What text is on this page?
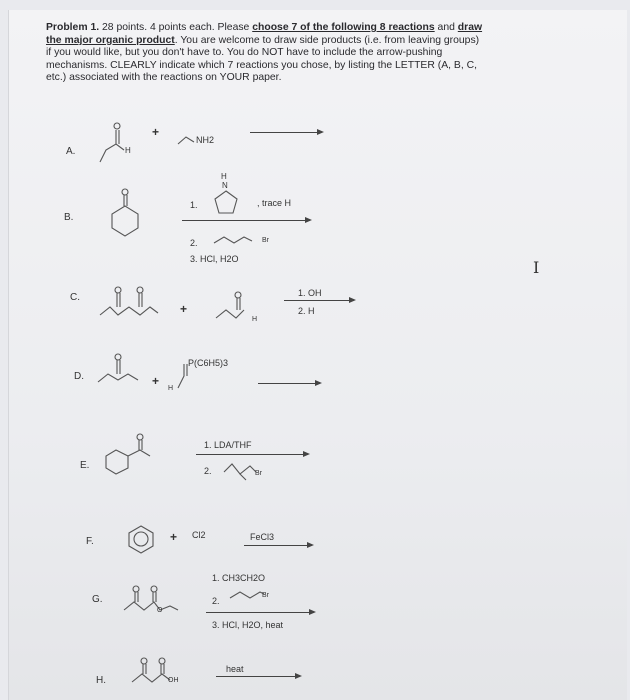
Problem 1. 28 points. 4 points each. Please choose 7 of the following 8 reactions and draw
the major organic product. You are welcome to draw side products (i.e. from leaving groups)
if you would like, but you don't have to. You do NOT have to include the arrow-pushing
mechanisms. CLEARLY indicate which 7 reactions you chose, by listing the LETTER (A, B, C,
etc.) associated with the reactions on YOUR paper.
A.	H
+
NH2
B.
1.
H
N
, trace H
2.	Br
3. HCl, H2O
C.
+
H
1. OH
2. H
D.	+
H
P(C6H5)3
E.
1. LDA/THF
2.	Br
F.	+ Cl2	FeCl3
G.
O
1. CH3CH2O
2.
Br
3. HCl, H2O, heat
H.	OH
heat
I
